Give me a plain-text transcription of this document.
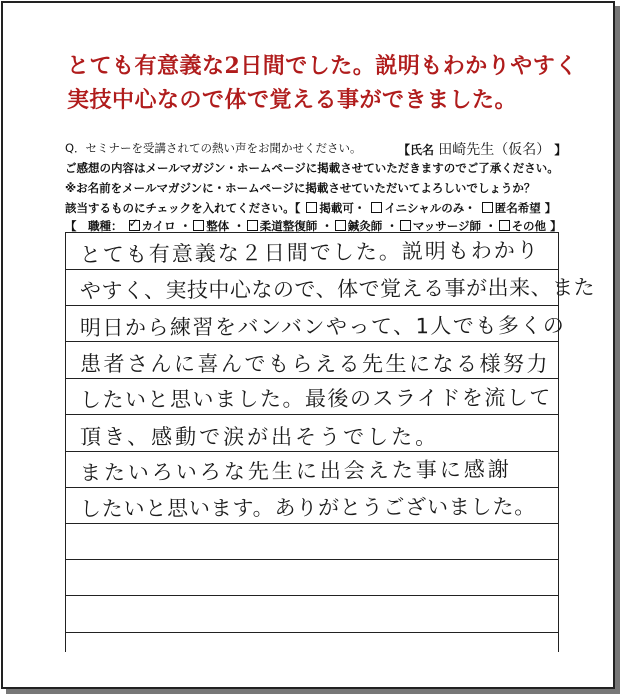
とても有意義な2日間でした。説明もわかりやすく
実技中心なので体で覚える事ができました。
Q．セミナーを受講されての熱い声をお聞かせください。	【氏名 田崎先生（仮名） 】
ご感想の内容はメールマガジン・ホームページに掲載させていただきますのでご了承ください。
※お名前をメールマガジンに・ホームページに掲載させていただいてよろしいでしょうか？
該当するものにチェックを入れてください。【 掲載可・ イニシャルのみ・ 匿名希望 】
【　職種： ✓ カイロ ・ 整体 ・ 柔道整復師 ・ 鍼灸師 ・ マッサージ師 ・ その他 】
とても有意義な２日間でした。説明もわかり
やすく、実技中心なので、体で覚える事が出来、また
明日から練習をバンバンやって、1人でも多くの
患者さんに喜んでもらえる先生になる様努力
したいと思いました。最後のスライドを流して
頂き、感動で涙が出そうでした。
またいろいろな先生に出会えた事に感謝
したいと思います。ありがとうございました。
